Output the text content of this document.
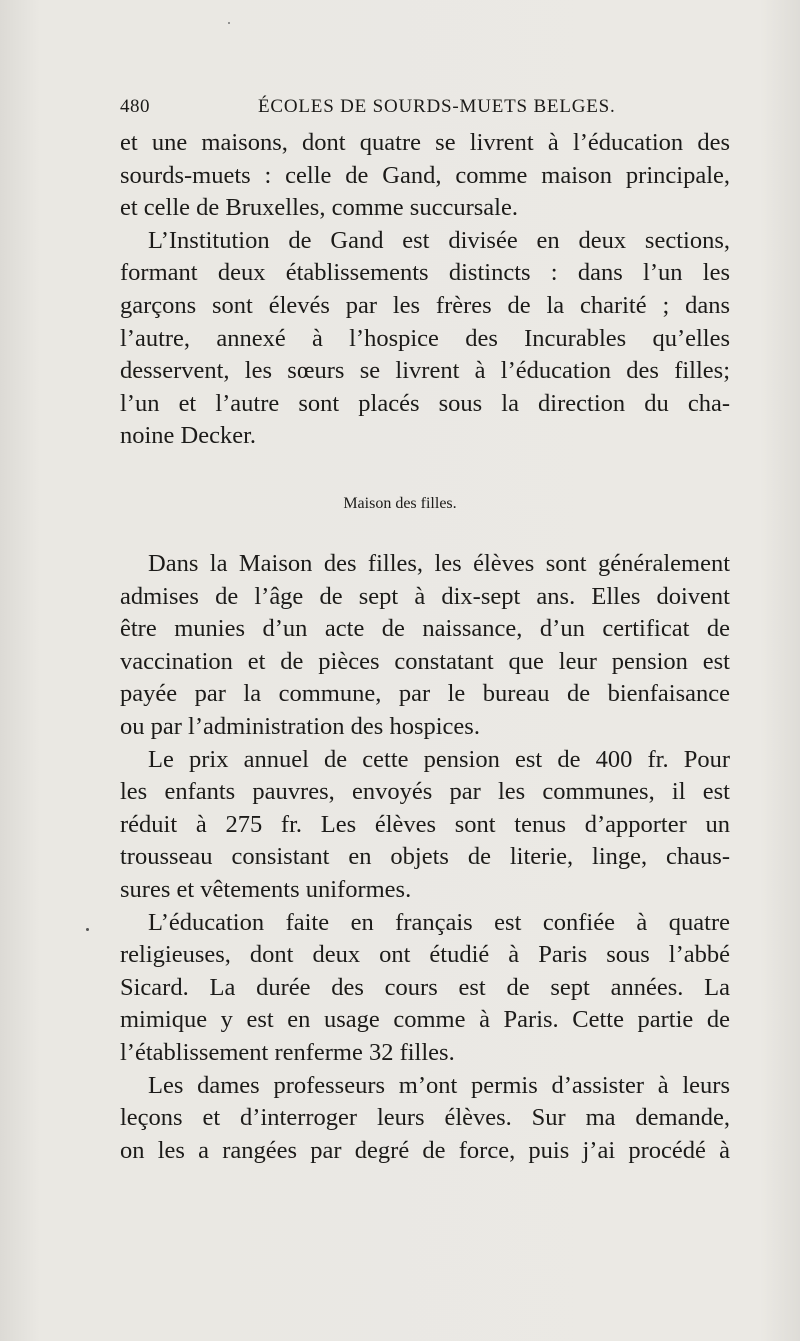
480	ÉCOLES DE SOURDS-MUETS BELGES.
et une maisons, dont quatre se livrent à l’éducation des
sourds-muets : celle de Gand, comme maison principale,
et celle de Bruxelles, comme succursale.
L’Institution de Gand est divisée en deux sections,
formant deux établissements distincts : dans l’un les
garçons sont élevés par les frères de la charité ; dans
l’autre, annexé à l’hospice des Incurables qu’elles
desservent, les sœurs se livrent à l’éducation des filles;
l’un et l’autre sont placés sous la direction du cha-
noine Decker.
Maison des filles.
Dans la Maison des filles, les élèves sont généralement
admises de l’âge de sept à dix-sept ans. Elles doivent
être munies d’un acte de naissance, d’un certificat de
vaccination et de pièces constatant que leur pension est
payée par la commune, par le bureau de bienfaisance
ou par l’administration des hospices.
Le prix annuel de cette pension est de 400 fr. Pour
les enfants pauvres, envoyés par les communes, il est
réduit à 275 fr. Les élèves sont tenus d’apporter un
trousseau consistant en objets de literie, linge, chaus-
sures et vêtements uniformes.
L’éducation faite en français est confiée à quatre
religieuses, dont deux ont étudié à Paris sous l’abbé
Sicard. La durée des cours est de sept années. La
mimique y est en usage comme à Paris. Cette partie de
l’établissement renferme 32 filles.
Les dames professeurs m’ont permis d’assister à leurs
leçons et d’interroger leurs élèves. Sur ma demande,
on les a rangées par degré de force, puis j’ai procédé à
